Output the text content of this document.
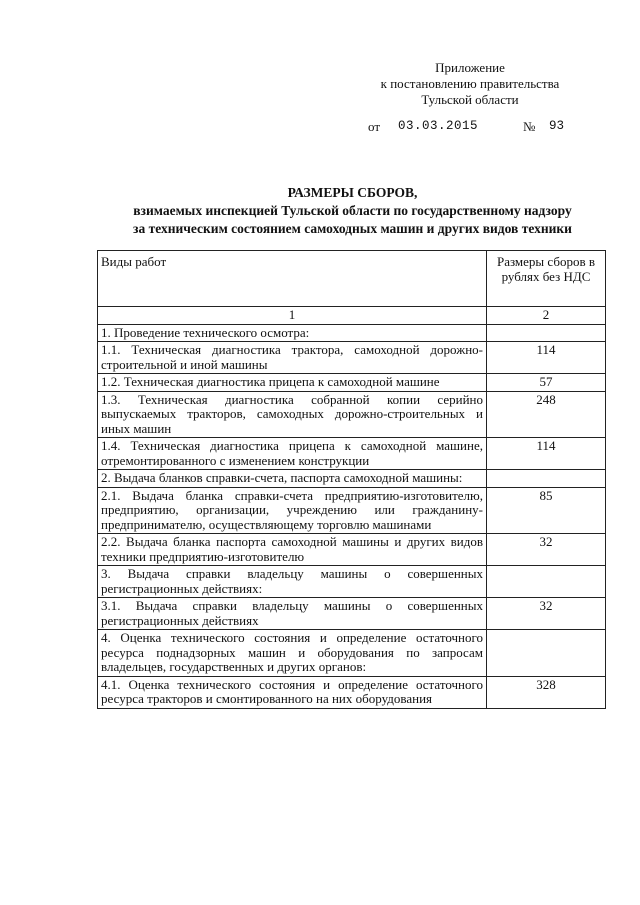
Приложение
к постановлению правительства
Тульской области
от 03.03.2015	№ 93
РАЗМЕРЫ СБОРОВ,
взимаемых инспекцией Тульской области по государственному надзору
за техническим состоянием самоходных машин и других видов техники
Виды работ	Размеры сборов в рублях без НДС
1	2
1. Проведение технического осмотра:	
1.1. Техническая диагностика трактора, самоходной дорожно-строительной и иной машины	114
1.2. Техническая диагностика прицепа к самоходной машине	57
1.3. Техническая диагностика собранной копии серийно выпускаемых тракторов, самоходных дорожно-строительных и иных машин	248
1.4. Техническая диагностика прицепа к самоходной машине, отремонтированного с изменением конструкции	114
2. Выдача бланков справки-счета, паспорта самоходной машины:	
2.1. Выдача бланка справки-счета предприятию-изготовителю, предприятию, организации, учреждению или гражданину-предпринимателю, осуществляющему торговлю машинами	85
2.2. Выдача бланка паспорта самоходной машины и других видов техники предприятию-изготовителю	32
3. Выдача справки владельцу машины о совершенных регистрационных действиях:	
3.1. Выдача справки владельцу машины о совершенных регистрационных действиях	32
4. Оценка технического состояния и определение остаточного ресурса поднадзорных машин и оборудования по запросам владельцев, государственных и других органов:	
4.1. Оценка технического состояния и определение остаточного ресурса тракторов и смонтированного на них оборудования	328
